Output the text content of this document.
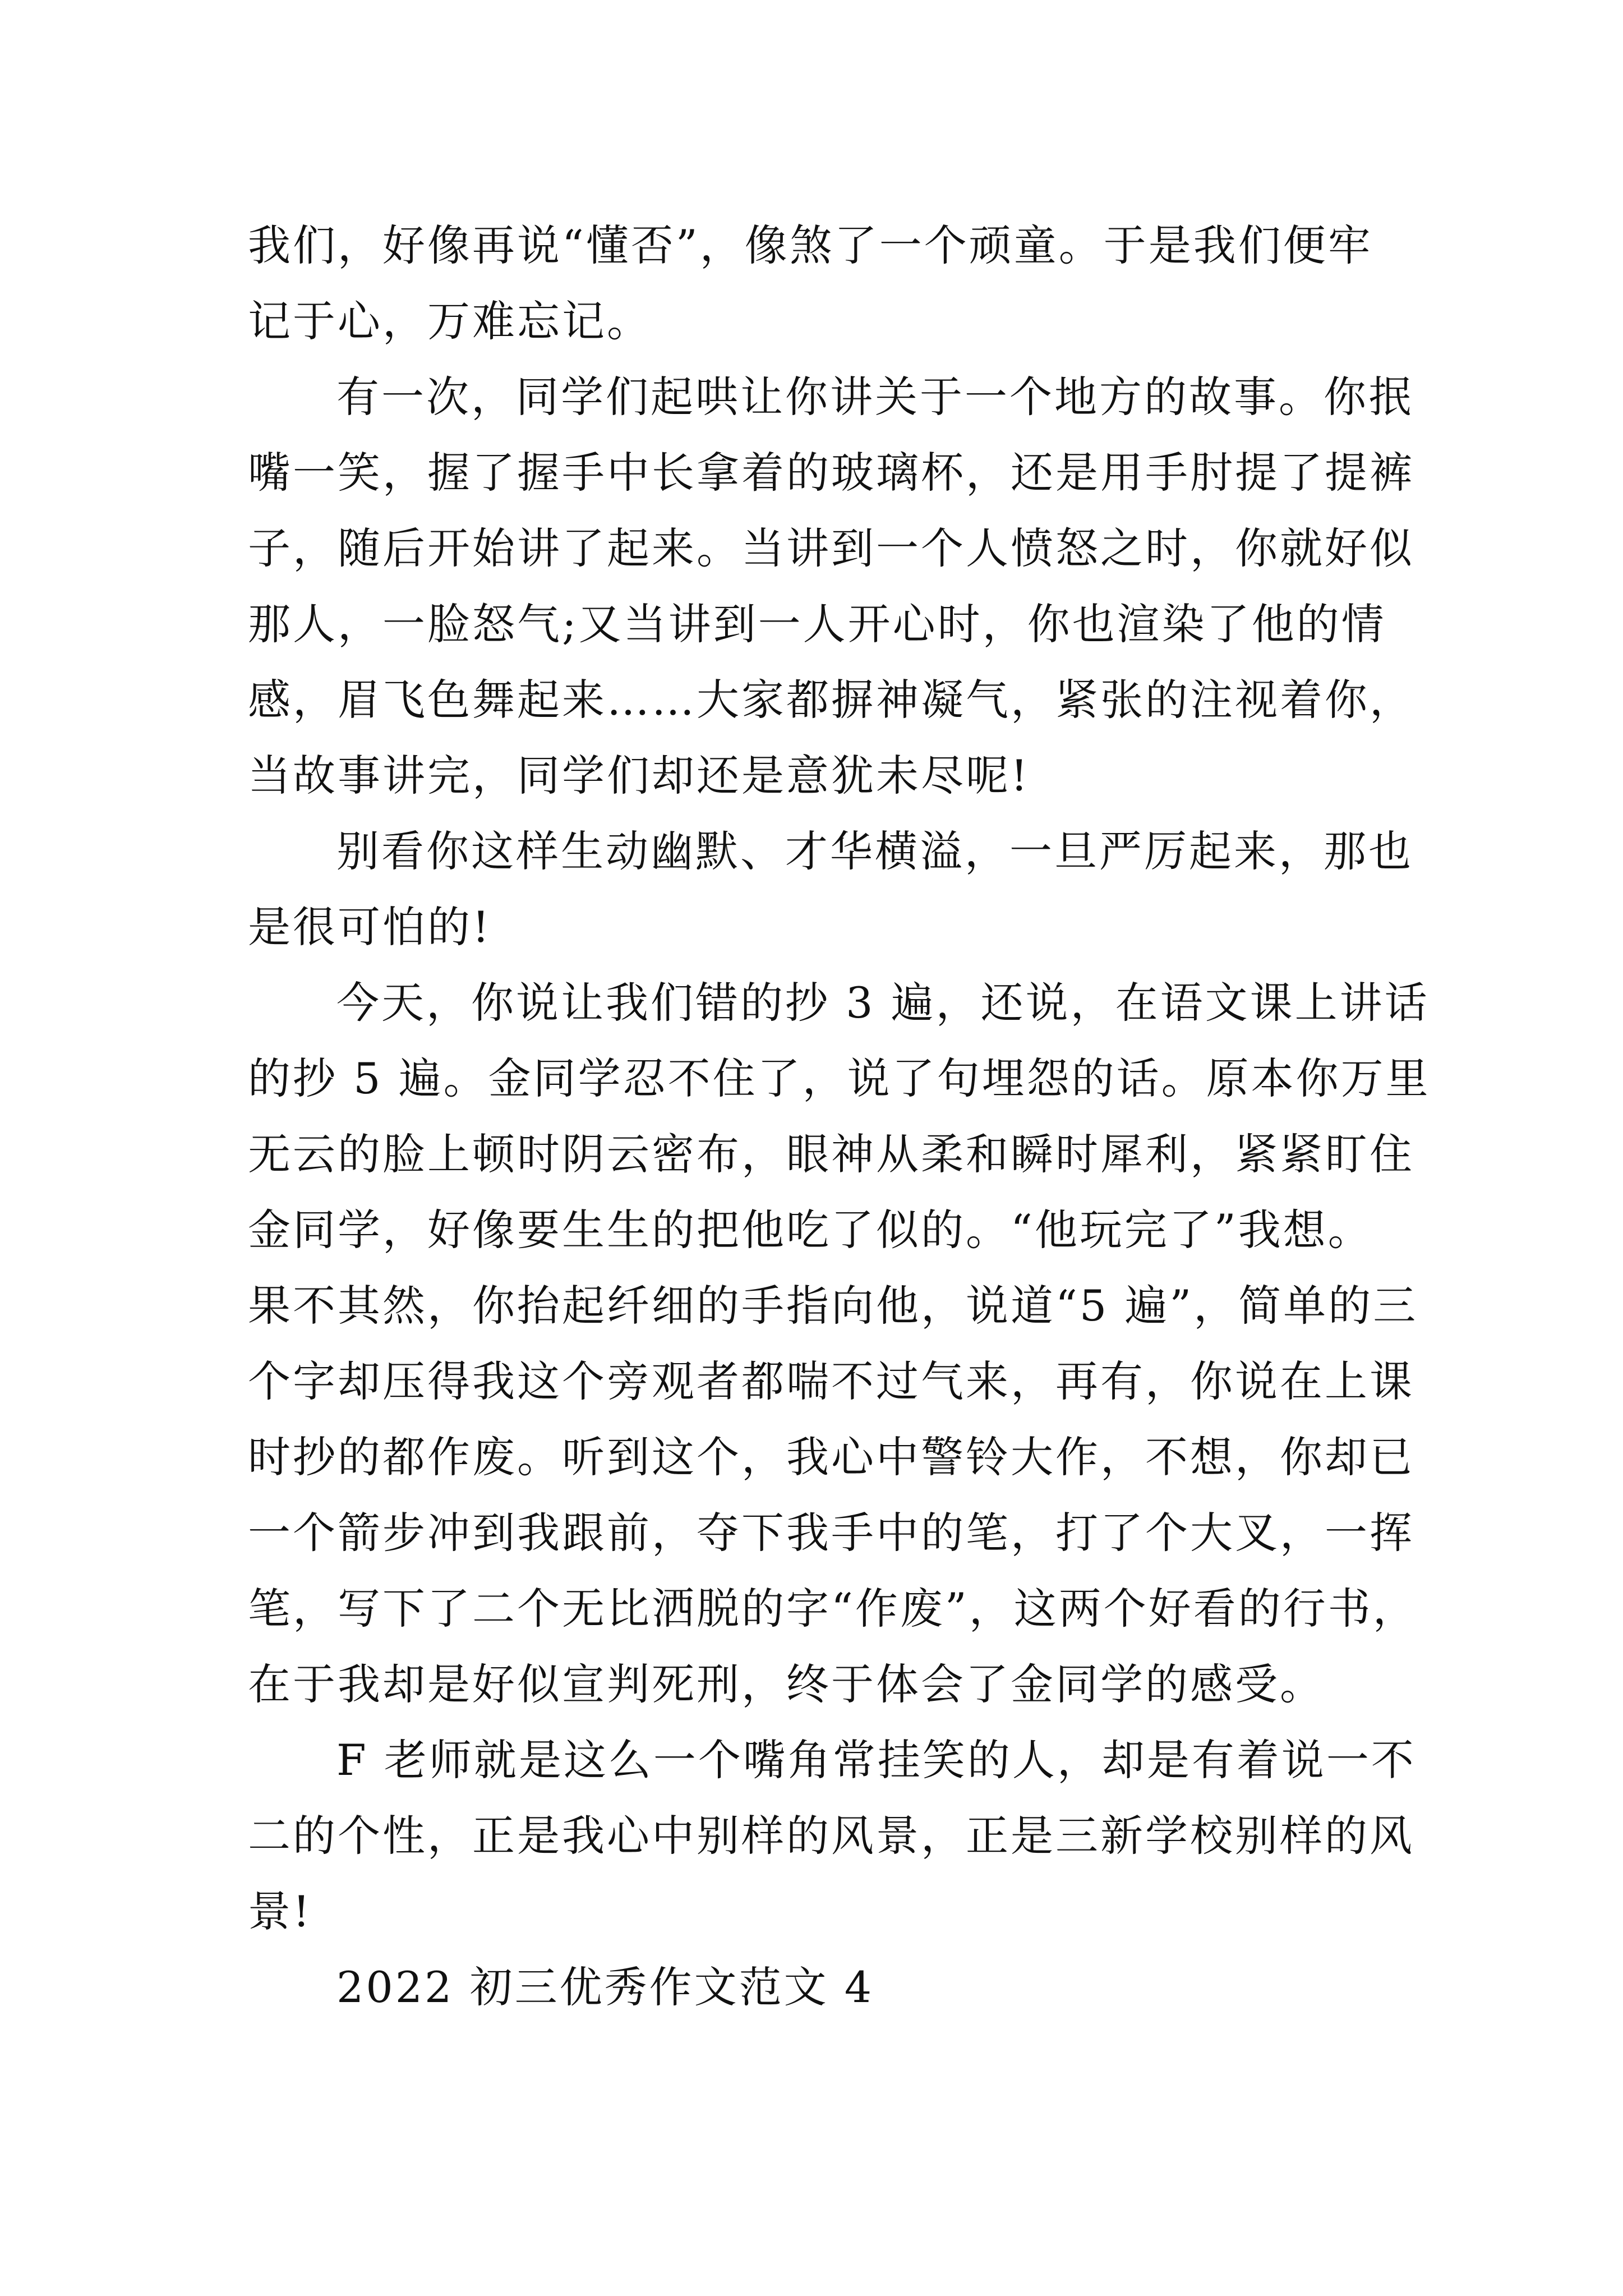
我们，好像再说“懂否”，像煞了一个顽童。于是我们便牢
记于心，万难忘记。
有一次，同学们起哄让你讲关于一个地方的故事。你抿
嘴一笑，握了握手中长拿着的玻璃杯，还是用手肘提了提裤
子，随后开始讲了起来。当讲到一个人愤怒之时，你就好似
那人，一脸怒气;又当讲到一人开心时，你也渲染了他的情
感，眉飞色舞起来……大家都摒神凝气，紧张的注视着你，
当故事讲完，同学们却还是意犹未尽呢!
别看你这样生动幽默、才华横溢，一旦严厉起来，那也
是很可怕的!
今天，你说让我们错的抄 3 遍，还说，在语文课上讲话
的抄 5 遍。金同学忍不住了，说了句埋怨的话。原本你万里
无云的脸上顿时阴云密布，眼神从柔和瞬时犀利，紧紧盯住
金同学，好像要生生的把他吃了似的。“他玩完了”我想。
果不其然，你抬起纤细的手指向他，说道“5 遍”，简单的三
个字却压得我这个旁观者都喘不过气来，再有，你说在上课
时抄的都作废。听到这个，我心中警铃大作，不想，你却已
一个箭步冲到我跟前，夺下我手中的笔，打了个大叉，一挥
笔，写下了二个无比洒脱的字“作废”，这两个好看的行书，
在于我却是好似宣判死刑，终于体会了金同学的感受。
F 老师就是这么一个嘴角常挂笑的人，却是有着说一不
二的个性，正是我心中别样的风景，正是三新学校别样的风
景!
2022 初三优秀作文范文 4
